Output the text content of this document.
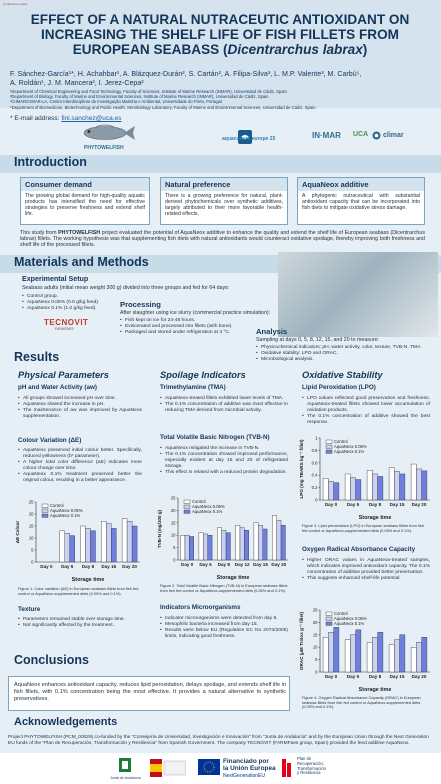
Conference poster
EFFECT OF A NATURAL NUTRACEUTIC ANTIOXIDANT ON INCREASING THE SHELF LIFE OF FISH FILLETS FROM EUROPEAN SEABASS (Dicentrarchus labrax)
F. Sánchez-García¹*, H. Achahbar¹, A. Blázquez-Durán², S. Cartán², A. Filipa-Silva³, L. M.P. Valente³, M. Carbú⁵,
A. Roldán¹, J. M. Mancera², I. Jerez-Cepa²
¹Department of Chemical Engineering and Food Technology, Faculty of Sciences, Institute of Marine Research (INMAR), Universidad de Cádiz, Spain
²Department of Biology, Faculty of Marine and Environmental Sciences, Institute of Marine Research (INMAR), Universidad de Cádiz, Spain
³CIIMAR/CIMAR-LA, Centro Interdisciplinar de Investigação Marinha e Ambiental, Universidade do Porto, Portugal
⁵Department of Biomedicine, Biotechnology and Public Health, Microbiology Laboratory, Faculty of Marine and Environmental Sciences, Universidad de Cádiz, Spain
* E-mail address: fini.sanchez@uca.es
PHYTOWELFISH
aquaculture europe 25	IN·MAR UCA climar
Introduction
Consumer demand

The growing global demand for high-quality aquatic products has intensified the need for effective strategies to preserve freshness and extend shelf life.

Natural preference

There is a growing preference for natural, plant-derived phytochemicals over synthetic additives, largely attributed to their more favorable health-related effects.

AquaNeox additive

A phytogenic nutraceutical with substantial antioxidant capacity that can be incorporated into fish diets to mitigate oxidative stress damage.

This study from PHYTOWELFISH project evaluated the potential of AquaNeox additive to enhance the quality and extend the shelf life of European seabass (Dicentrarchus labrax) fillets. The working hypothesis was that supplementing fish diets with natural antioxidants would counteract oxidative spoilage, thereby improving both freshness and shelf life of the processed fillets.
Materials and Methods
Experimental Setup
Seabass adults (initial mean weight 300 g) divided into three groups and fed for 64 days:
• Control group.
• AquaNeox 0.05% (0.5 g/kg feed).
• AquaNeox 0.1% (1.0 g/kg feed).
TECNOVIT
FARMFAES
Processing
After slaughter using ice slurry (commercial practice simulation):
• Fish kept on ice for 24-48 hours.
• Eviscerated and processed into fillets (with bone).
• Packaged and stored under refrigeration at 4 °C.	Analysis
Sampling at days 0, 5, 8, 12, 15, and 20 to measure:
• Physicochemical indicators: pH, water activity, color, texture, TVB-N, TMA.
• Oxidative stability: LPO and ORAC.
• Microbiological analysis.
Results
Physical Parameters
pH and Water Activity (aw)
• All groups showed increased pH over time.
• AquaNeox slowed the increase in pH.
• The maintenance of aw was improved by AquaNeox supplementation.
Colour Variation (ΔE)
• AquaNeox preserved initial colour better. Specifically, reduced yellowness (b* parameter).
• A higher total color difference (ΔE) indicates more colour change over time.
• AquaNeox 0.1% treatment preserved better the original colour, resulting in a better appearance.
0
5
10
15
20
25
ΔE Colour
Storage time
Day 0 Day 5 Day 8 Day 15 Day 20
Control
AquaNeox 0.05%
AquaNeox 0.1%
Figure 1. Color variation (ΔE) in European seabass fillets from fish fed control or AquaNeox-supplemented diets (0.05% and 0.1%).
Texture
• Parameters remained stable over storage time.
• Not significantly affected by the treatment.
Spoilage Indicators
Trimethylamine (TMA)
• AquaNeox-treated fillets exhibited lower levels of TMA.
• The 0.1% concentration of additive was most effective in reducing TMA derived from microbial activity.
Total Volatile Basic Nitrogen (TVB-N)
• AquaNeox mitigated the increase in TVB-N.
• The 0.1% concentration showed improved performance, especially evident at day 15 and 20 of refrigerated storage.
• This effect is related with a reduced protein degradation.
0
5
10
15
20
25
TVB-N (mg/100 g)
Storage time
Day 0 Day 5 Day 8 Day 12 Day 15 Day 20
Control
AquaNeox 0.05%
AquaNeox 0.1%
Figure 2. Total Volatile Basic Nitrogen (TVB-N) in European seabass fillets from fish fed control or AquaNeox-supplemented diets (0.05% and 0.1%).
Indicators Microorganisms
• Indicator microorganisms were detected from day 8.
• Mesophilic bacteria increased from day 15.
• Results were below EU (Regulation EC No 2073/2005) limits, indicating good freshness.
Oxidative Stability
Lipid Peroxidation (LPO)
• LPO values reflected good preservation and freshness. AquaNeox-treated fillets showed lower accumulation of oxidation products.
• The 0.1% concentration of additive showed the best response.
0
0.2
0.4
0.6
0.8
1
LPO (mg TBARS kg⁻¹ fillet)
Storage time
Day 0 Day 5 Day 8 Day 15 Day 20
Control
AquaNeox 0.05%
AquaNeox 0.1%
Figure 3. Lipid peroxidation (LPO) in European seabass fillets from fish fed control or AquaNeox-supplemented diets (0.05% and 0.1%).
Oxygen Radical Absorbance Capacity
• Higher ORAC values in AquaNeox-treated samples, which indicates improved antioxidant capacity. The 0.1% concentration of additive provided better preservation.
• This suggests enhanced shelf-life potential.
0
5
10
15
20
25
ORAC (µM Trolox g⁻¹ fillet)
Storage time
Day 0 Day 5 Day 8 Day 15 Day 20
Control
AquaNeox 0.05%
AquaNeox 0.1%
Figure 4. Oxygen Radical Absorbance Capacity (ORAC) in European seabass fillets from fish fed control or AquaNeox-supplemented diets (0.05% and 0.1%).
Conclusions
AquaNeox enhances antioxidant capacity, reduces lipid peroxidation, delays spoilage, and extends shelf life in fish fillets, with 0.1% concentration being the most effective. It provides a natural alternative to synthetic preservatives.
Acknowledgements
Project PHYTOWELFISH (PCM_00029) co-funded by the "Consejería de Universidad, Investigación e Innovación" from "Junta de Andalucía" and by the European Union through the Next Generation EU funds of the "Plan de Recuperación, Transformación y Resiliencia" from Spanish Government. The company TECNOVIT (FARMFaes group, Spain) provided the feed additive AquaNeox.
Junta de Andalucía
Financiado por
la Unión Europea
NextGenerationEU
Plan de
Recuperación,
Transformación
y Resiliencia
